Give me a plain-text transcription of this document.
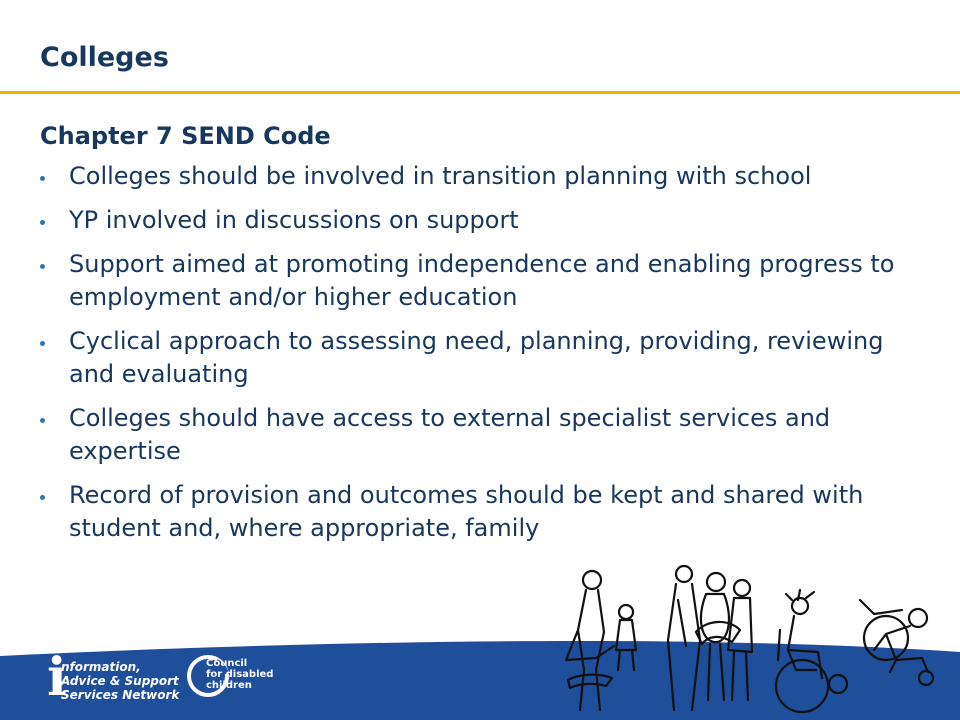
Colleges
Chapter 7 SEND Code
Colleges should be involved in transition planning with school
YP involved in discussions on support
Support aimed at promoting independence and enabling progress to employment and/or higher education
Cyclical approach to assessing need, planning, providing, reviewing and evaluating
Colleges should have access to external specialist services and expertise
Record of provision and outcomes should be kept and shared with student and, where appropriate, family
i
nformation,
Advice & Support
Services Network
Council
for disabled
children
